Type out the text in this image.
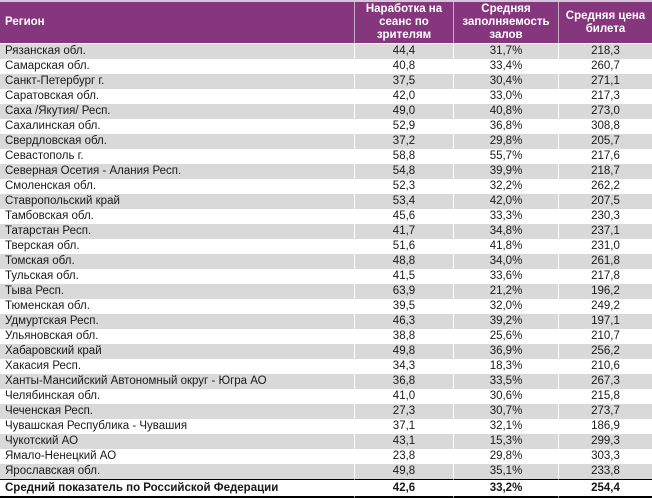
Регион	Наработка на сеанс по зрителям	Средняя заполняемость залов	Средняя цена билета
Рязанская обл.	44,4	31,7%	218,3
Самарская обл.	40,8	33,4%	260,7
Санкт-Петербург г.	37,5	30,4%	271,1
Саратовская обл.	42,0	33,0%	217,3
Саха /Якутия/ Респ.	49,0	40,8%	273,0
Сахалинская обл.	52,9	36,8%	308,8
Свердловская обл.	37,2	29,8%	205,7
Севастополь г.	58,8	55,7%	217,6
Северная Осетия - Алания Респ.	54,8	39,9%	218,7
Смоленская обл.	52,3	32,2%	262,2
Ставропольский край	53,4	42,0%	207,5
Тамбовская обл.	45,6	33,3%	230,3
Татарстан Респ.	41,7	34,8%	237,1
Тверская обл.	51,6	41,8%	231,0
Томская обл.	48,8	34,0%	261,8
Тульская обл.	41,5	33,6%	217,8
Тыва Респ.	63,9	21,2%	196,2
Тюменская обл.	39,5	32,0%	249,2
Удмуртская Респ.	46,3	39,2%	197,1
Ульяновская обл.	38,8	25,6%	210,7
Хабаровский край	49,8	36,9%	256,2
Хакасия Респ.	34,3	18,3%	210,6
Ханты-Мансийский Автономный округ - Югра АО	36,8	33,5%	267,3
Челябинская обл.	41,0	30,6%	215,8
Чеченская Респ.	27,3	30,7%	273,7
Чувашская Республика - Чувашия	37,1	32,1%	186,9
Чукотский АО	43,1	15,3%	299,3
Ямало-Ненецкий АО	23,8	29,8%	303,3
Ярославская обл.	49,8	35,1%	233,8
Средний показатель по Российской Федерации	42,6	33,2%	254,4
